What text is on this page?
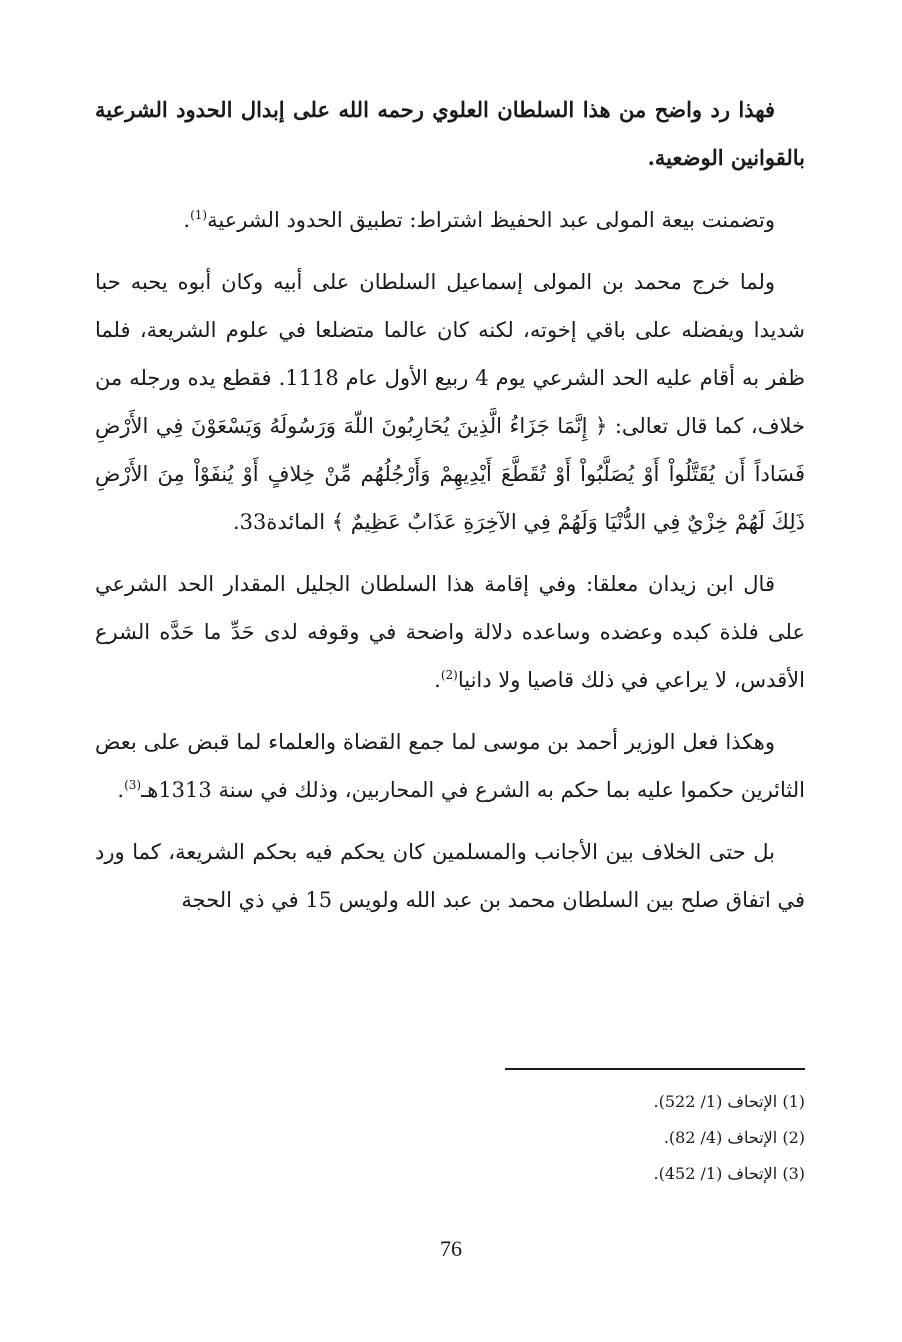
فهذا رد واضح من هذا السلطان العلوي رحمه الله على إبدال الحدود الشرعية بالقوانين الوضعية.

وتضمنت بيعة المولى عبد الحفيظ اشتراط: تطبيق الحدود الشرعية$^{(1)}$.

ولما خرج محمد بن المولى إسماعيل السلطان على أبيه وكان أبوه يحبه حبا شديدا ويفضله على باقي إخوته، لكنه كان عالما متضلعا في علوم الشريعة، فلما ظفر به أقام عليه الحد الشرعي يوم 4 ربيع الأول عام 1118. فقطع يده ورجله من خلاف، كما قال تعالى: ﴿ إِنَّمَا جَزَاءُ الَّذِينَ يُحَارِبُونَ اللّهَ وَرَسُولَهُ وَيَسْعَوْنَ فِي الأَرْضِ فَسَاداً أَن يُقَتَّلُواْ أَوْ يُصَلَّبُواْ أَوْ تُقَطَّعَ أَيْدِيهِمْ وَأَرْجُلُهُم مِّنْ خِلافٍ أَوْ يُنفَوْاْ مِنَ الأَرْضِ ذَلِكَ لَهُمْ خِزْيٌ فِي الدُّنْيَا وَلَهُمْ فِي الآخِرَةِ عَذَابٌ عَظِيمٌ ﴾ المائدة33.

قال ابن زيدان معلقا: وفي إقامة هذا السلطان الجليل المقدار الحد الشرعي على فلذة كبده وعضده وساعده دلالة واضحة في وقوفه لدى حَدِّ ما حَدَّه الشرع الأقدس، لا يراعي في ذلك قاصيا ولا دانيا$^{(2)}$.

وهكذا فعل الوزير أحمد بن موسى لما جمع القضاة والعلماء لما قبض على بعض الثائرين حكموا عليه بما حكم به الشرع في المحاربين، وذلك في سنة 1313هـ$^{(3)}$.

بل حتى الخلاف بين الأجانب والمسلمين كان يحكم فيه بحكم الشريعة، كما ورد في اتفاق صلح بين السلطان محمد بن عبد الله ولويس 15 في ذي الحجة

(1) الإتحاف (1/ 522).
(2) الإتحاف (4/ 82).
(3) الإتحاف (1/ 452).
76
